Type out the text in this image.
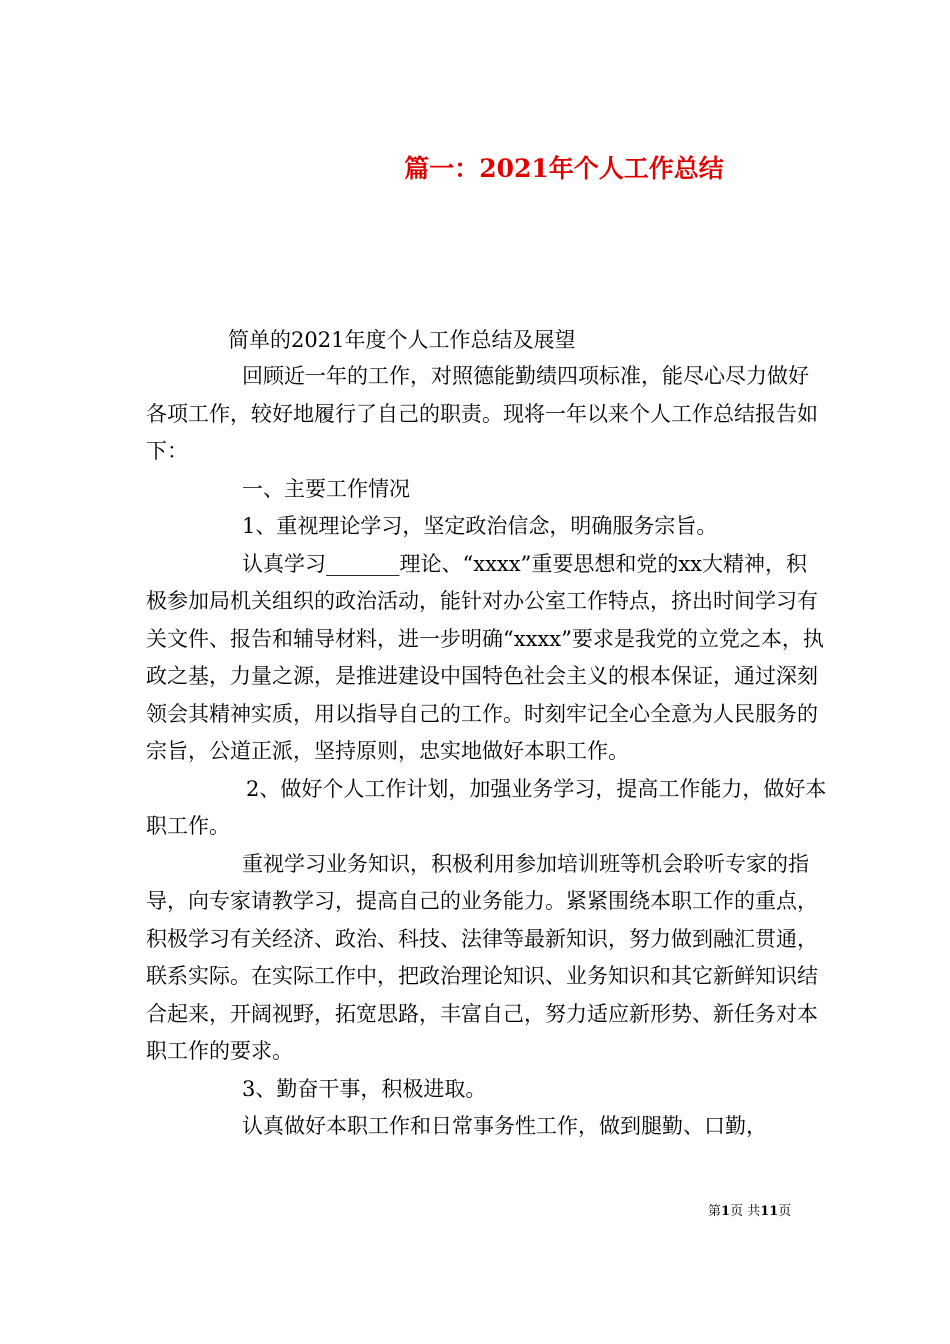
篇一：2021年个人工作总结
简单的2021年度个人工作总结及展望

回顾近一年的工作，对照德能勤绩四项标准，能尽心尽力做好各项工作，较好地履行了自己的职责。现将一年以来个人工作总结报告如下：

一、主要工作情况

1、重视理论学习，坚定政治信念，明确服务宗旨。

认真学习_______理论、“xxxx”重要思想和党的xx大精神，积极参加局机关组织的政治活动，能针对办公室工作特点，挤出时间学习有关文件、报告和辅导材料，进一步明确“xxxx”要求是我党的立党之本，执政之基，力量之源，是推进建设中国特色社会主义的根本保证，通过深刻领会其精神实质，用以指导自己的工作。时刻牢记全心全意为人民服务的宗旨，公道正派，坚持原则，忠实地做好本职工作。

2、做好个人工作计划，加强业务学习，提高工作能力，做好本职工作。

重视学习业务知识，积极利用参加培训班等机会聆听专家的指导，向专家请教学习，提高自己的业务能力。紧紧围绕本职工作的重点，积极学习有关经济、政治、科技、法律等最新知识，努力做到融汇贯通，联系实际。在实际工作中，把政治理论知识、业务知识和其它新鲜知识结合起来，开阔视野，拓宽思路，丰富自己，努力适应新形势、新任务对本职工作的要求。

3、勤奋干事，积极进取。

认真做好本职工作和日常事务性工作，做到腿勤、口勤，

第1页 共11页
